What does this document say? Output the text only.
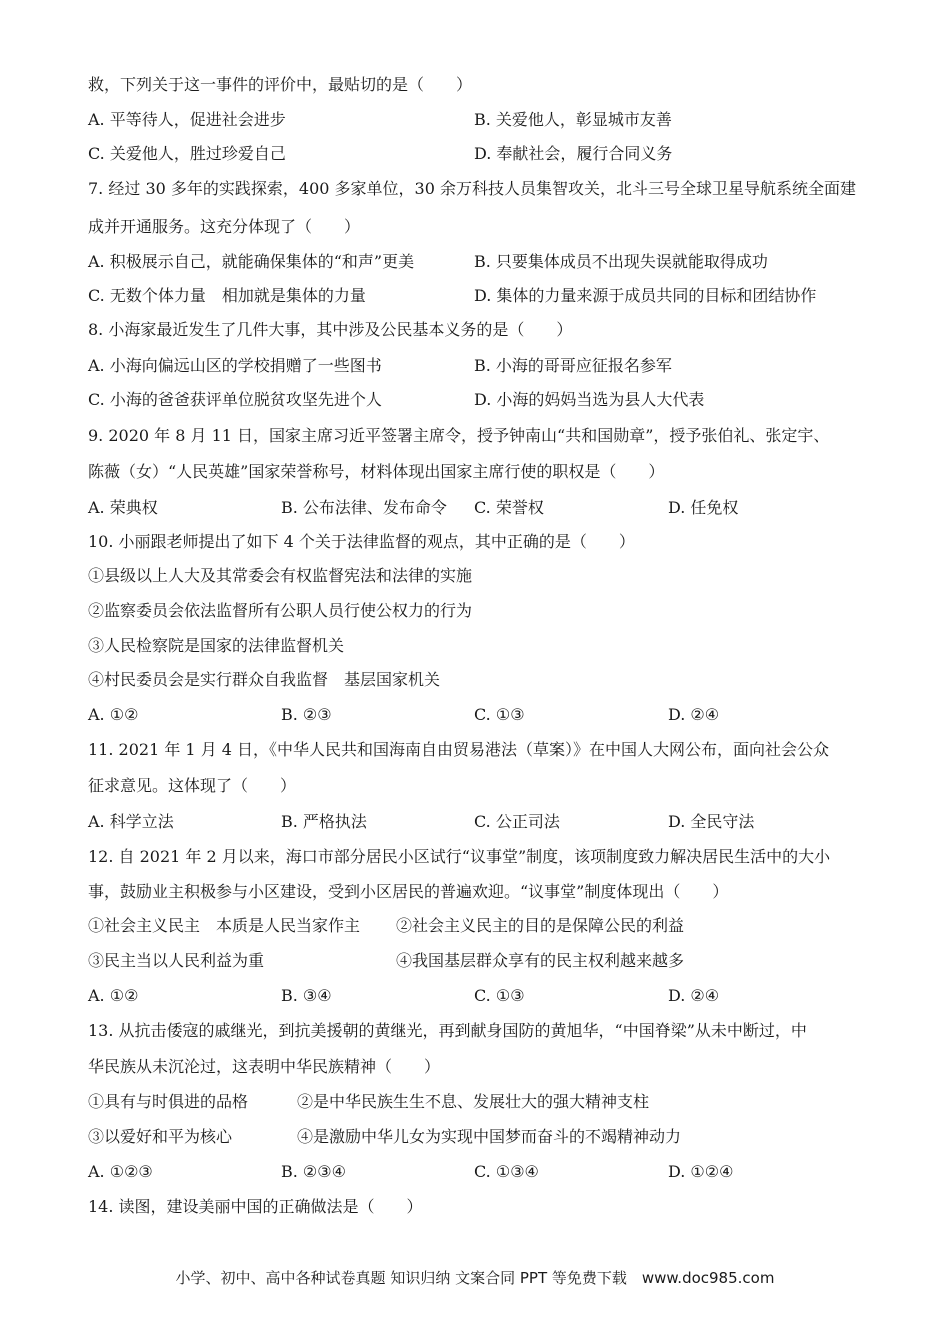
救，下列关于这一事件的评价中，最贴切的是（　　）
A. 平等待人，促进社会进步	B. 关爱他人，彰显城市友善
C. 关爱他人，胜过珍爱自己	D. 奉献社会，履行合同义务
7. 经过 30 多年的实践探索，400 多家单位，30 余万科技人员集智攻关，北斗三号全球卫星导航系统全面建
成并开通服务。这充分体现了（　　）
A. 积极展示自己，就能确保集体的“和声”更美	B. 只要集体成员不出现失误就能取得成功
C. 无数个体力量　相加就是集体的力量	D. 集体的力量来源于成员共同的目标和团结协作
8. 小海家最近发生了几件大事，其中涉及公民基本义务的是（　　）
A. 小海向偏远山区的学校捐赠了一些图书	B. 小海的哥哥应征报名参军
C. 小海的爸爸获评单位脱贫攻坚先进个人	D. 小海的妈妈当选为县人大代表
9. 2020 年 8 月 11 日，国家主席习近平签署主席令，授予钟南山“共和国勋章”，授予张伯礼、张定宇、
陈薇（女）“人民英雄”国家荣誉称号，材料体现出国家主席行使的职权是（　　）
A. 荣典权	B. 公布法律、发布命令 C. 荣誉权	D. 任免权
10. 小丽跟老师提出了如下 4 个关于法律监督的观点，其中正确的是（　　）
①县级以上人大及其常委会有权监督宪法和法律的实施
②监察委员会依法监督所有公职人员行使公权力的行为
③人民检察院是国家的法律监督机关
④村民委员会是实行群众自我监督　基层国家机关
A. ①②	B. ②③	C. ①③	D. ②④
11. 2021 年 1 月 4 日，《中华人民共和国海南自由贸易港法（草案）》在中国人大网公布，面向社会公众
征求意见。这体现了（　　）
A. 科学立法	B. 严格执法	C. 公正司法	D. 全民守法
12. 自 2021 年 2 月以来，海口市部分居民小区试行“议事堂”制度，该项制度致力解决居民生活中的大小
事，鼓励业主积极参与小区建设，受到小区居民的普遍欢迎。“议事堂”制度体现出（　　）
①社会主义民主　本质是人民当家作主 ②社会主义民主的目的是保障公民的利益
③民主当以人民利益为重	④我国基层群众享有的民主权利越来越多
A. ①②	B. ③④	C. ①③	D. ②④
13. 从抗击倭寇的戚继光，到抗美援朝的黄继光，再到献身国防的黄旭华，“中国脊梁”从未中断过，中
华民族从未沉沦过，这表明中华民族精神（　　）
①具有与时俱进的品格	②是中华民族生生不息、发展壮大的强大精神支柱
③以爱好和平为核心	④是激励中华儿女为实现中国梦而奋斗的不竭精神动力
A. ①②③	B. ②③④	C. ①③④	D. ①②④
14. 读图，建设美丽中国的正确做法是（　　）
小学、初中、高中各种试卷真题 知识归纳 文案合同 PPT 等免费下载　www.doc985.com
